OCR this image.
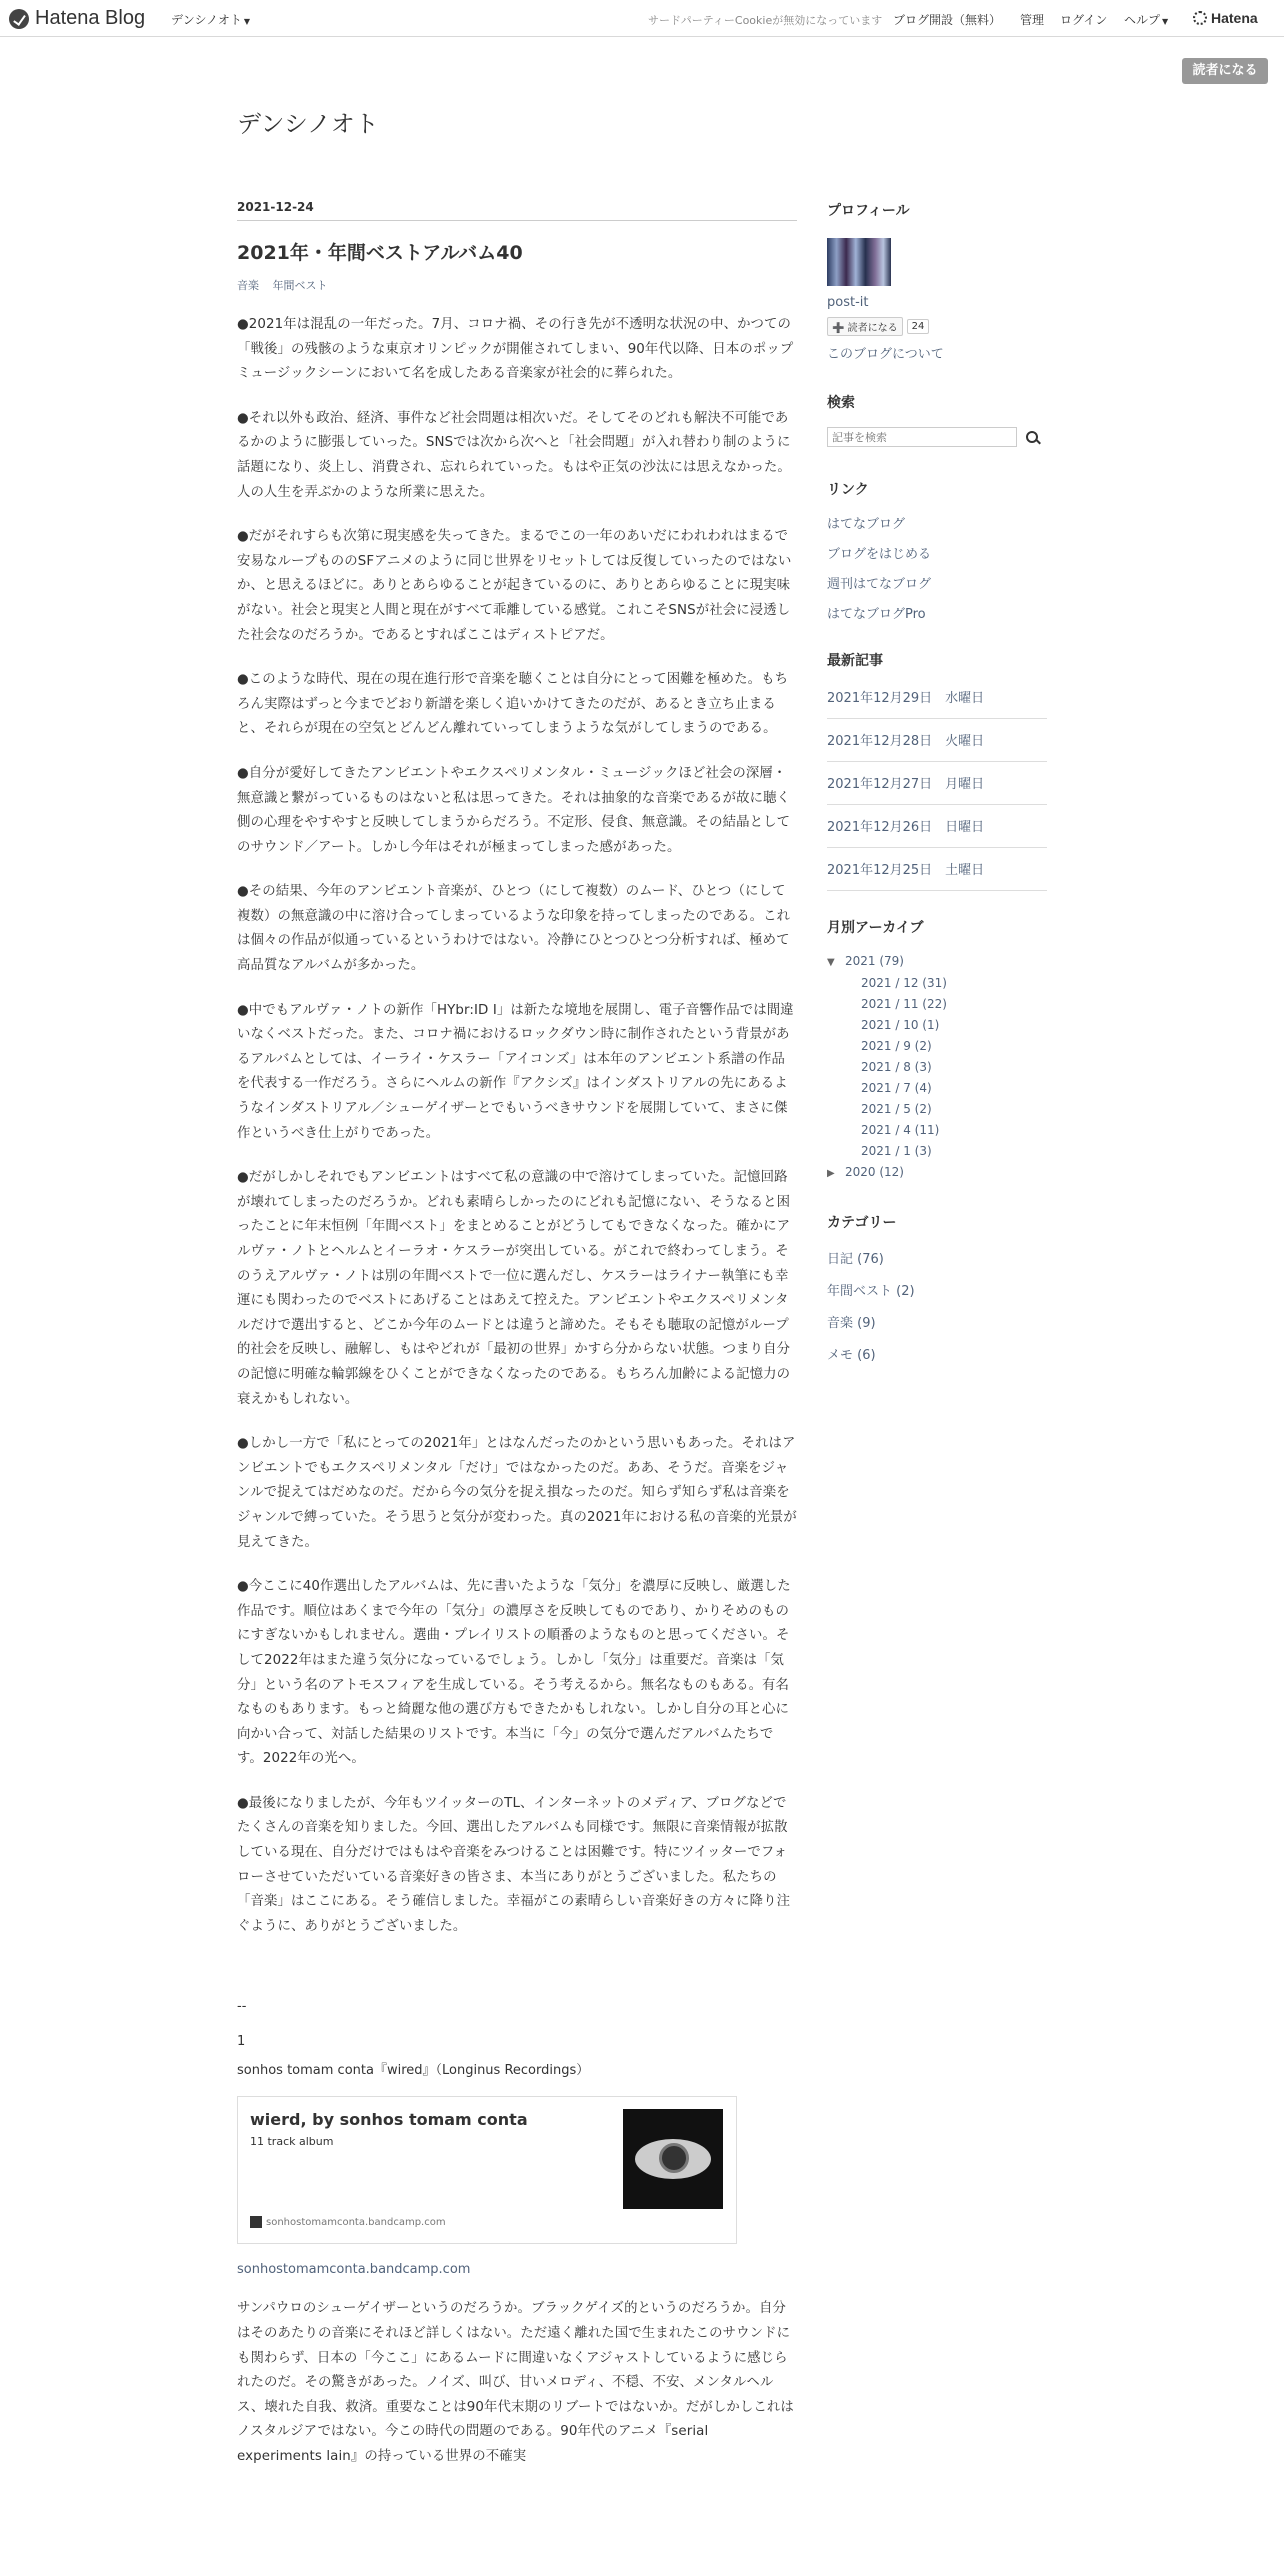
Hatena Blog デンシノオト ▼	サードパーティーCookieが無効になっています ブログ開設（無料） 管理 ログイン ヘルプ ▼	Hatena
読者になる
デンシノオト
2021-12-24
2021年・年間ベストアルバム40
音楽 年間ベスト

●2021年は混乱の一年だった。7月、コロナ禍、その行き先が不透明な状況の中、かつての「戦後」の残骸のような東京オリンピックが開催されてしまい、90年代以降、日本のポップミュージックシーンにおいて名を成したある音楽家が社会的に葬られた。

●それ以外も政治、経済、事件など社会問題は相次いだ。そしてそのどれも解決不可能であるかのように膨張していった。SNSでは次から次へと「社会問題」が入れ替わり制のように話題になり、炎上し、消費され、忘れられていった。もはや正気の沙汰には思えなかった。人の人生を弄ぶかのような所業に思えた。

●だがそれすらも次第に現実感を失ってきた。まるでこの一年のあいだにわれわれはまるで安易なループもののSFアニメのように同じ世界をリセットしては反復していったのではないか、と思えるほどに。ありとあらゆることが起きているのに、ありとあらゆることに現実味がない。社会と現実と人間と現在がすべて乖離している感覚。これこそSNSが社会に浸透した社会なのだろうか。であるとすればここはディストピアだ。

●このような時代、現在の現在進行形で音楽を聴くことは自分にとって困難を極めた。もちろん実際はずっと今までどおり新譜を楽しく追いかけてきたのだが、あるとき立ち止まると、それらが現在の空気とどんどん離れていってしまうような気がしてしまうのである。

●自分が愛好してきたアンビエントやエクスペリメンタル・ミュージックほど社会の深層・無意識と繋がっているものはないと私は思ってきた。それは抽象的な音楽であるが故に聴く側の心理をやすやすと反映してしまうからだろう。不定形、侵食、無意識。その結晶としてのサウンド／アート。しかし今年はそれが極まってしまった感があった。

●その結果、今年のアンビエント音楽が、ひとつ（にして複数）のムード、ひとつ（にして複数）の無意識の中に溶け合ってしまっているような印象を持ってしまったのである。これは個々の作品が似通っているというわけではない。冷静にひとつひとつ分析すれば、極めて高品質なアルバムが多かった。

●中でもアルヴァ・ノトの新作「HYbr:ID I」は新たな境地を展開し、電子音響作品では間違いなくベストだった。また、コロナ禍におけるロックダウン時に制作されたという背景があるアルバムとしては、イーライ・ケスラー「アイコンズ」は本年のアンビエント系譜の作品を代表する一作だろう。さらにヘルムの新作『アクシズ』はインダストリアルの先にあるようなインダストリアル／シューゲイザーとでもいうべきサウンドを展開していて、まさに傑作というべき仕上がりであった。

●だがしかしそれでもアンビエントはすべて私の意識の中で溶けてしまっていた。記憶回路が壊れてしまったのだろうか。どれも素晴らしかったのにどれも記憶にない、そうなると困ったことに年末恒例「年間ベスト」をまとめることがどうしてもできなくなった。確かにアルヴァ・ノトとヘルムとイーラオ・ケスラーが突出している。がこれで終わってしまう。そのうえアルヴァ・ノトは別の年間ベストで一位に選んだし、ケスラーはライナー執筆にも幸運にも関わったのでベストにあげることはあえて控えた。アンビエントやエクスペリメンタルだけで選出すると、どこか今年のムードとは違うと諦めた。そもそも聴取の記憶がループ的社会を反映し、融解し、もはやどれが「最初の世界」かすら分からない状態。つまり自分の記憶に明確な輪郭線をひくことができなくなったのである。もちろん加齢による記憶力の衰えかもしれない。

●しかし一方で「私にとっての2021年」とはなんだったのかという思いもあった。それはアンビエントでもエクスペリメンタル「だけ」ではなかったのだ。ああ、そうだ。音楽をジャンルで捉えてはだめなのだ。だから今の気分を捉え損なったのだ。知らず知らず私は音楽をジャンルで縛っていた。そう思うと気分が変わった。真の2021年における私の音楽的光景が見えてきた。

●今ここに40作選出したアルバムは、先に書いたような「気分」を濃厚に反映し、厳選した作品です。順位はあくまで今年の「気分」の濃厚さを反映してものであり、かりそめのものにすぎないかもしれません。選曲・プレイリストの順番のようなものと思ってください。そして2022年はまた違う気分になっているでしょう。しかし「気分」は重要だ。音楽は「気分」という名のアトモスフィアを生成している。そう考えるから。無名なものもある。有名なものもあります。もっと綺麗な他の選び方もできたかもしれない。しかし自分の耳と心に向かい合って、対話した結果のリストです。本当に「今」の気分で選んだアルバムたちです。2022年の光へ。

●最後になりましたが、今年もツイッターのTL、インターネットのメディア、ブログなどでたくさんの音楽を知りました。今回、選出したアルバムも同様です。無限に音楽情報が拡散している現在、自分だけではもはや音楽をみつけることは困難です。特にツイッターでフォローさせていただいている音楽好きの皆さま、本当にありがとうございました。私たちの「音楽」はここにある。そう確信しました。幸福がこの素晴らしい音楽好きの方々に降り注ぐように、ありがとうございました。

--
1
sonhos tomam conta『wired』（Longinus Recordings）
wierd, by sonhos tomam conta
11 track album
sonhostomamconta.bandcamp.com
sonhostomamconta.bandcamp.com

サンパウロのシューゲイザーというのだろうか。ブラックゲイズ的というのだろうか。自分はそのあたりの音楽にそれほど詳しくはない。ただ遠く離れた国で生まれたこのサウンドにも関わらず、日本の「今ここ」にあるムードに間違いなくアジャストしているように感じられたのだ。その驚きがあった。ノイズ、叫び、甘いメロディ、不穏、不安、メンタルヘルス、壊れた自我、救済。重要なことは90年代末期のリブートではないか。だがしかしこれはノスタルジアではない。今この時代の問題のである。90年代のアニメ『serial experiments lain』の持っている世界の不確実

プロフィール
post-it
➕ 読者になる	24
このブログについて
検索
記事を検索
リンク
はてなブログ
ブログをはじめる
週刊はてなブログ
はてなブログPro
最新記事
2021年12月29日　水曜日
2021年12月28日　火曜日
2021年12月27日　月曜日
2021年12月26日　日曜日
2021年12月25日　土曜日
月別アーカイブ
▼ 2021 (79)
2021 / 12 (31)
2021 / 11 (22)
2021 / 10 (1)
2021 / 9 (2)
2021 / 8 (3)
2021 / 7 (4)
2021 / 5 (2)
2021 / 4 (11)
2021 / 1 (3)
▶ 2020 (12)
カテゴリー
日記 (76)
年間ベスト (2)
音楽 (9)
メモ (6)
